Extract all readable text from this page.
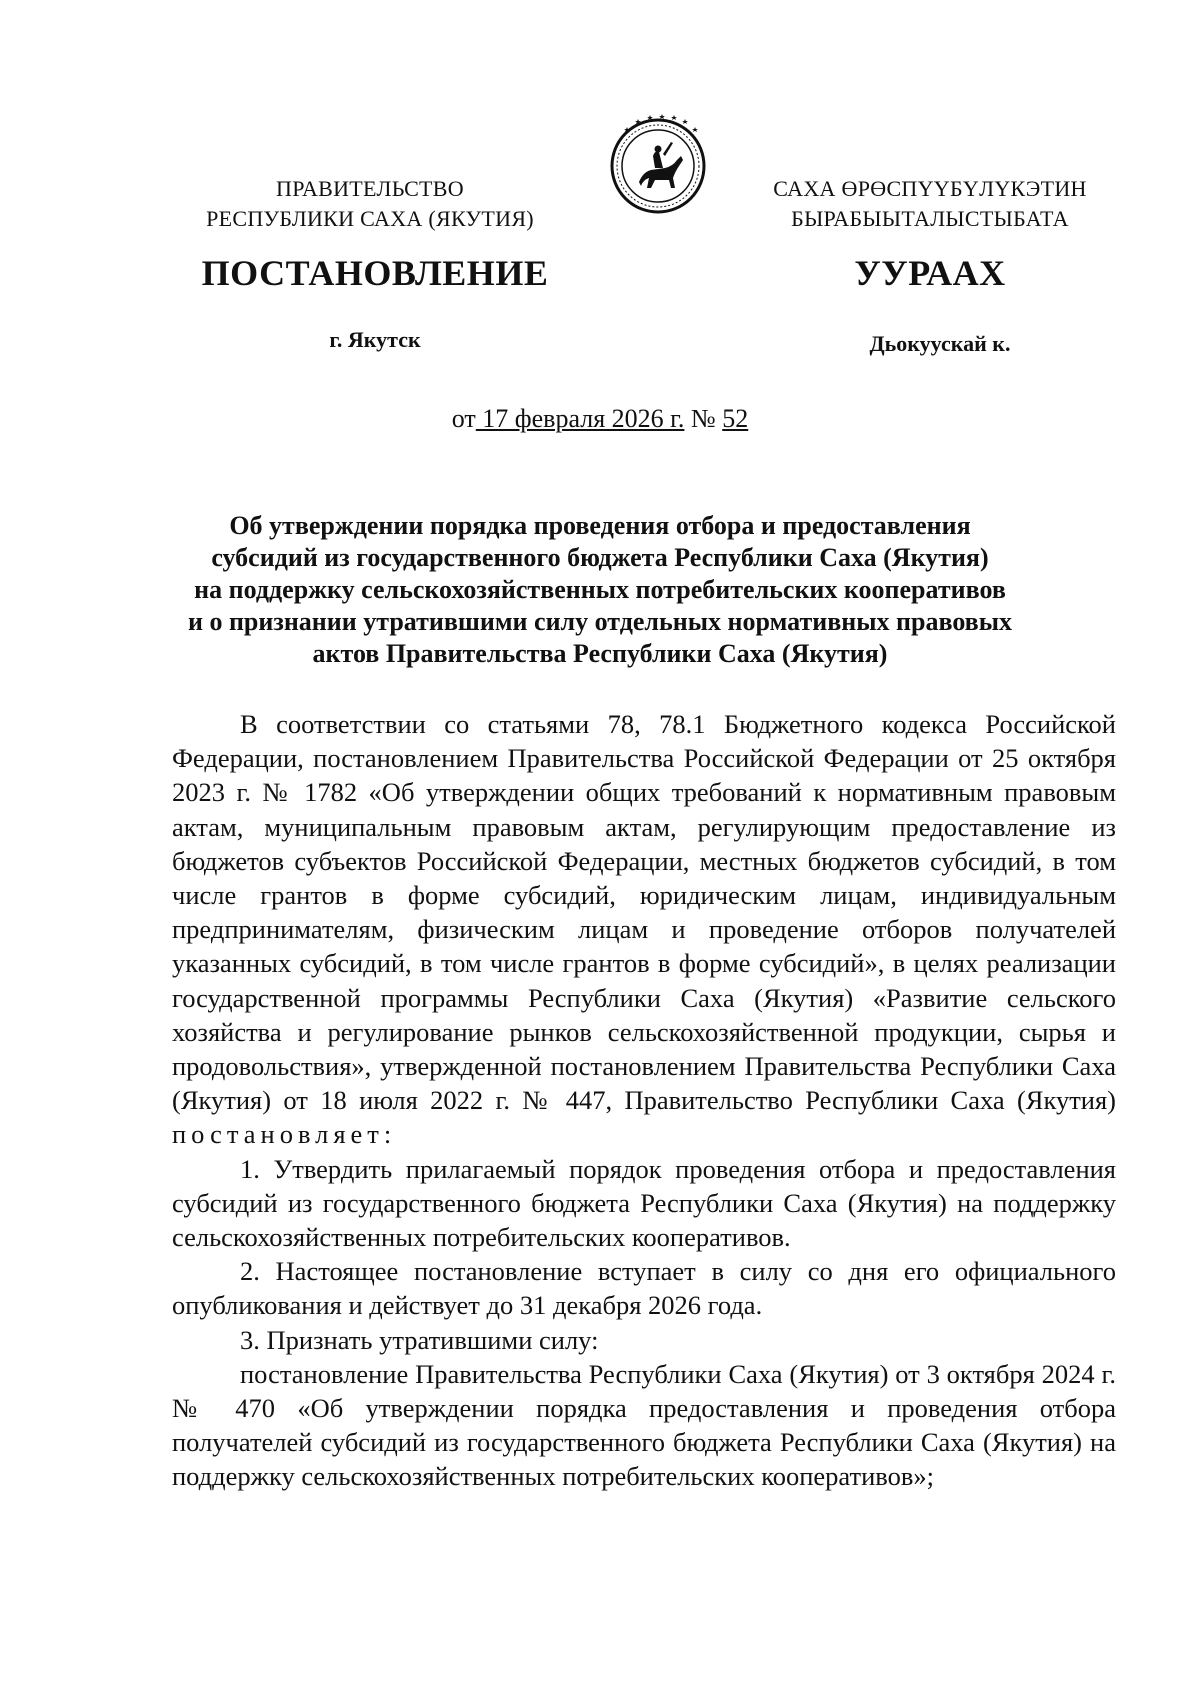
ПРАВИТЕЛЬСТВО
РЕСПУБЛИКИ САХА (ЯКУТИЯ)
САХА ӨРӨСПҮҮБҮЛҮКЭТИН
БЫРАБЫЫТАЛЫСТЫБАТА
ПОСТАНОВЛЕНИЕ	УУРААХ
г. Якутск	Дьокуускай к.
от 17 февраля 2026 г. № 52
Об утверждении порядка проведения отбора и предоставления
субсидий из государственного бюджета Республики Саха (Якутия)
на поддержку сельскохозяйственных потребительских кооперативов
и о признании утратившими силу отдельных нормативных правовых
актов Правительства Республики Саха (Якутия)

В соответствии со статьями 78, 78.1 Бюджетного кодекса Российской Федерации, постановлением Правительства Российской Федерации от 25 октября 2023 г. № 1782 «Об утверждении общих требований к нормативным правовым актам, муниципальным правовым актам, регулирующим предоставление из бюджетов субъектов Российской Федерации, местных бюджетов субсидий, в том числе грантов в форме субсидий, юридическим лицам, индивидуальным предпринимателям, физическим лицам и проведение отборов получателей указанных субсидий, в том числе грантов в форме субсидий», в целях реализации государственной программы Республики Саха (Якутия) «Развитие сельского хозяйства и регулирование рынков сельскохозяйственной продукции, сырья и продовольствия», утвержденной постановлением Правительства Республики Саха (Якутия) от 18 июля 2022 г. № 447, Правительство Республики Саха (Якутия) постановляет:

1. Утвердить прилагаемый порядок проведения отбора и предоставления субсидий из государственного бюджета Республики Саха (Якутия) на поддержку сельскохозяйственных потребительских кооперативов.

2. Настоящее постановление вступает в силу со дня его официального опубликования и действует до 31 декабря 2026 года.

3. Признать утратившими силу:

постановление Правительства Республики Саха (Якутия) от 3 октября 2024 г. № 470 «Об утверждении порядка предоставления и проведения отбора получателей субсидий из государственного бюджета Республики Саха (Якутия) на поддержку сельскохозяйственных потребительских кооперативов»;
